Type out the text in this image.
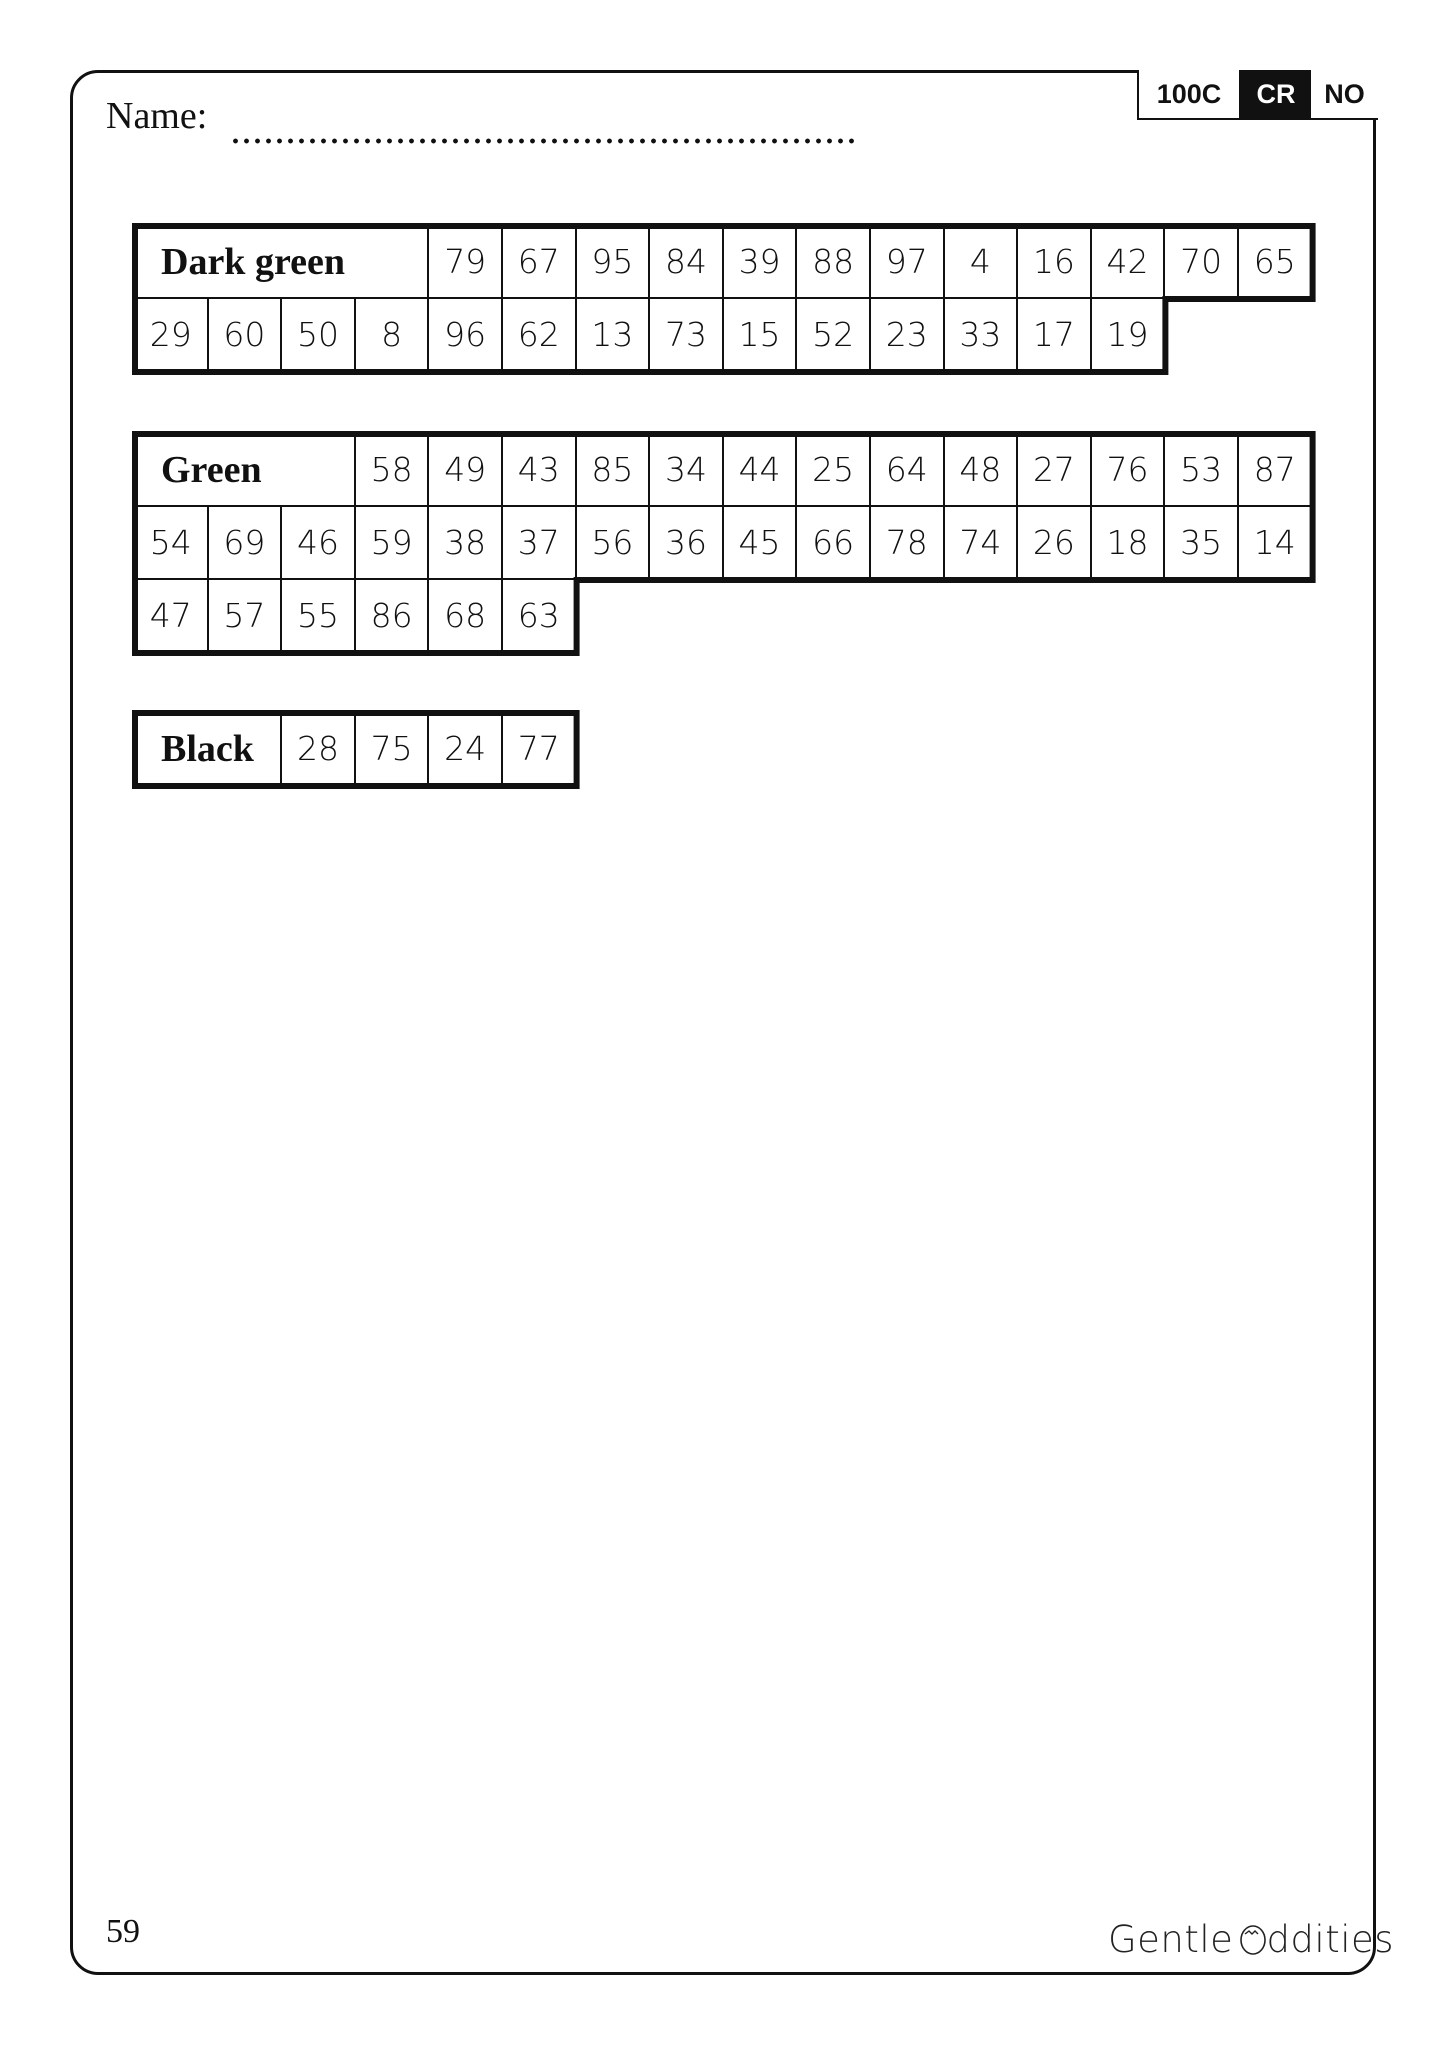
Name:
100C	CR	NO
Dark green	79 67 95 84 39 88 97	4	16 42 70 65
29 60 50	8	96 62 13 73 15 52 23 33 17 19
Green	58 49 43 85 34 44 25 64 48 27 76 53 87
54 69 46 59 38 37 56 36 45 66 78 74 26 18 35 14
47 57 55 86 68 63
Black	28 75 24 77
59	Gentle ddities
